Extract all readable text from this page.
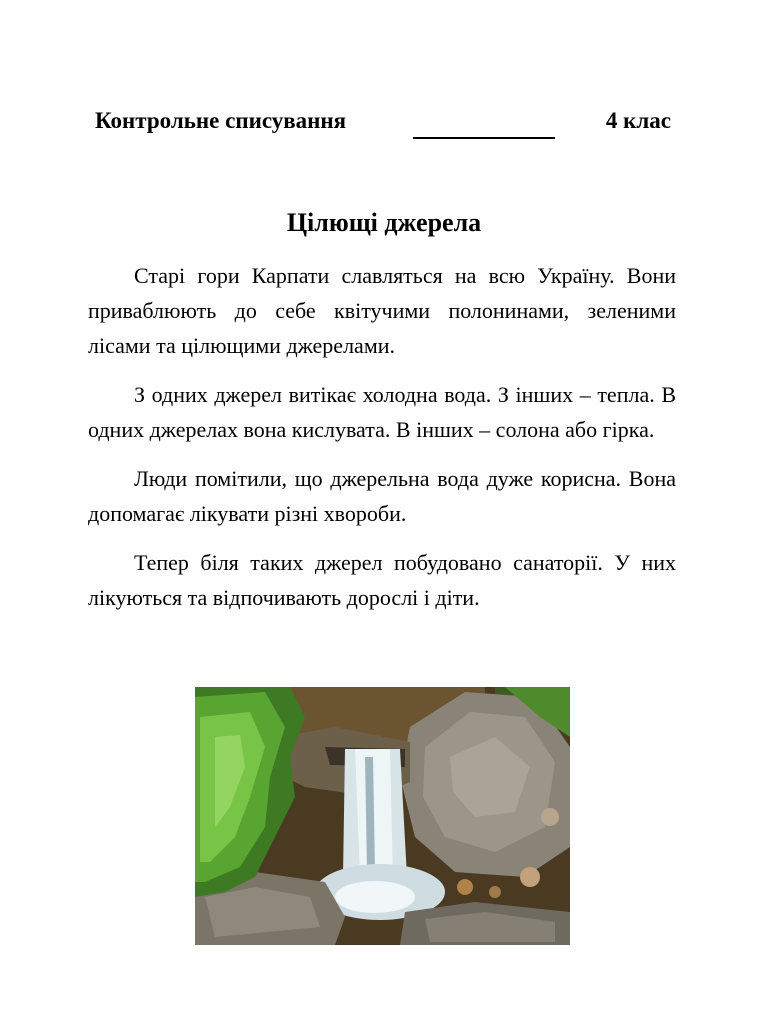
Контрольне списування	4 клас
Цілющі джерела

Старі гори Карпати славляться на всю Україну. Вони приваблюють до себе квітучими полонинами, зеленими лісами та цілющими джерелами.

З одних джерел витікає холодна вода. З інших – тепла. В одних джерелах вона кислувата. В інших – солона або гірка.

Люди помітили, що джерельна вода дуже корисна. Вона допомагає лікувати різні хвороби.

Тепер біля таких джерел побудовано санаторії. У них лікуються та відпочивають дорослі і діти.
